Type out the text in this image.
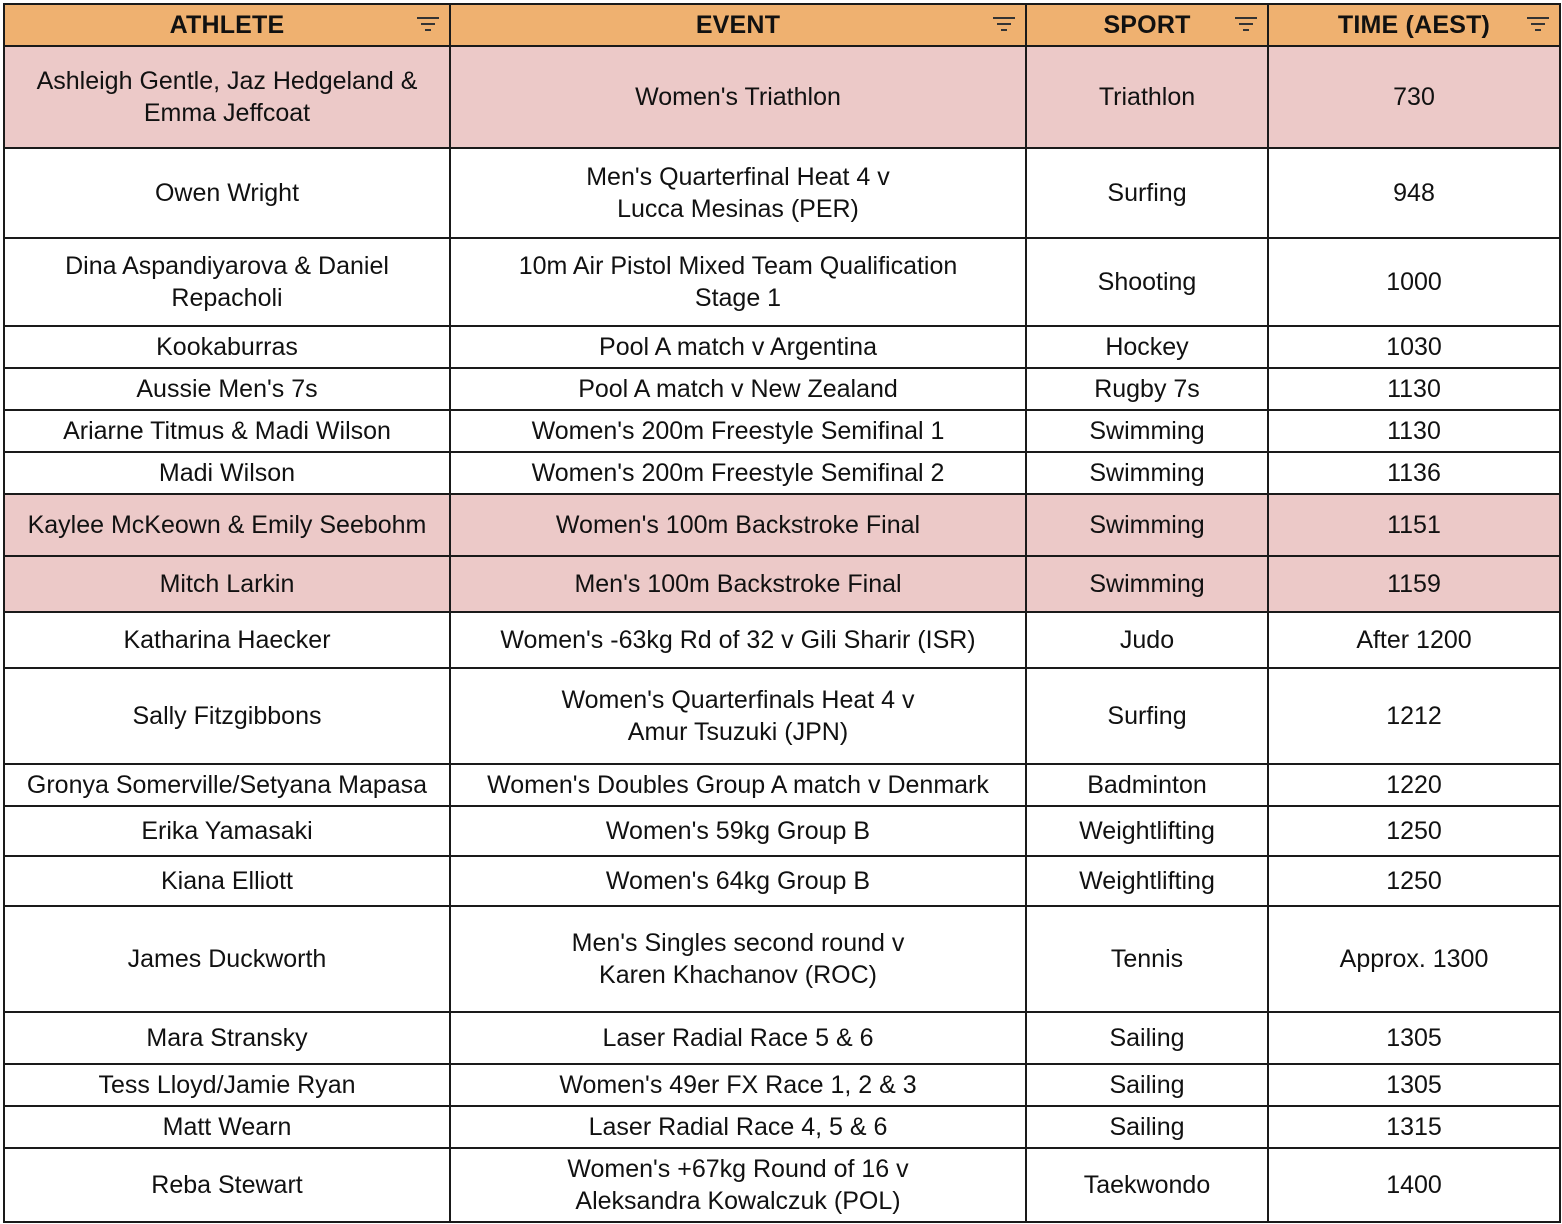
ATHLETE	EVENT	SPORT	TIME (AEST)

Ashleigh Gentle, Jaz Hedgeland & Emma Jeffcoat	Women's Triathlon	Triathlon	730
Owen Wright	Men's Quarterfinal Heat 4 v Lucca Mesinas (PER)	Surfing	948
Dina Aspandiyarova & Daniel Repacholi	10m Air Pistol Mixed Team Qualification Stage 1	Shooting	1000
Kookaburras	Pool A match v Argentina	Hockey	1030
Aussie Men's 7s	Pool A match v New Zealand	Rugby 7s	1130
Ariarne Titmus & Madi Wilson	Women's 200m Freestyle Semifinal 1	Swimming	1130
Madi Wilson	Women's 200m Freestyle Semifinal 2	Swimming	1136
Kaylee McKeown & Emily Seebohm	Women's 100m Backstroke Final	Swimming	1151
Mitch Larkin	Men's 100m Backstroke Final	Swimming	1159
Katharina Haecker	Women's -63kg Rd of 32 v Gili Sharir (ISR)	Judo	After 1200
Sally Fitzgibbons	Women's Quarterfinals Heat 4 v Amur Tsuzuki (JPN)	Surfing	1212
Gronya Somerville/Setyana Mapasa	Women's Doubles Group A match v Denmark	Badminton	1220
Erika Yamasaki	Women's 59kg Group B	Weightlifting	1250
Kiana Elliott	Women's 64kg Group B	Weightlifting	1250
James Duckworth	Men's Singles second round v Karen Khachanov (ROC)	Tennis	Approx. 1300
Mara Stransky	Laser Radial Race 5 & 6	Sailing	1305
Tess Lloyd/Jamie Ryan	Women's 49er FX Race 1, 2 & 3	Sailing	1305
Matt Wearn	Laser Radial Race 4, 5 & 6	Sailing	1315
Reba Stewart	Women's +67kg Round of 16 v Aleksandra Kowalczuk (POL)	Taekwondo	1400
